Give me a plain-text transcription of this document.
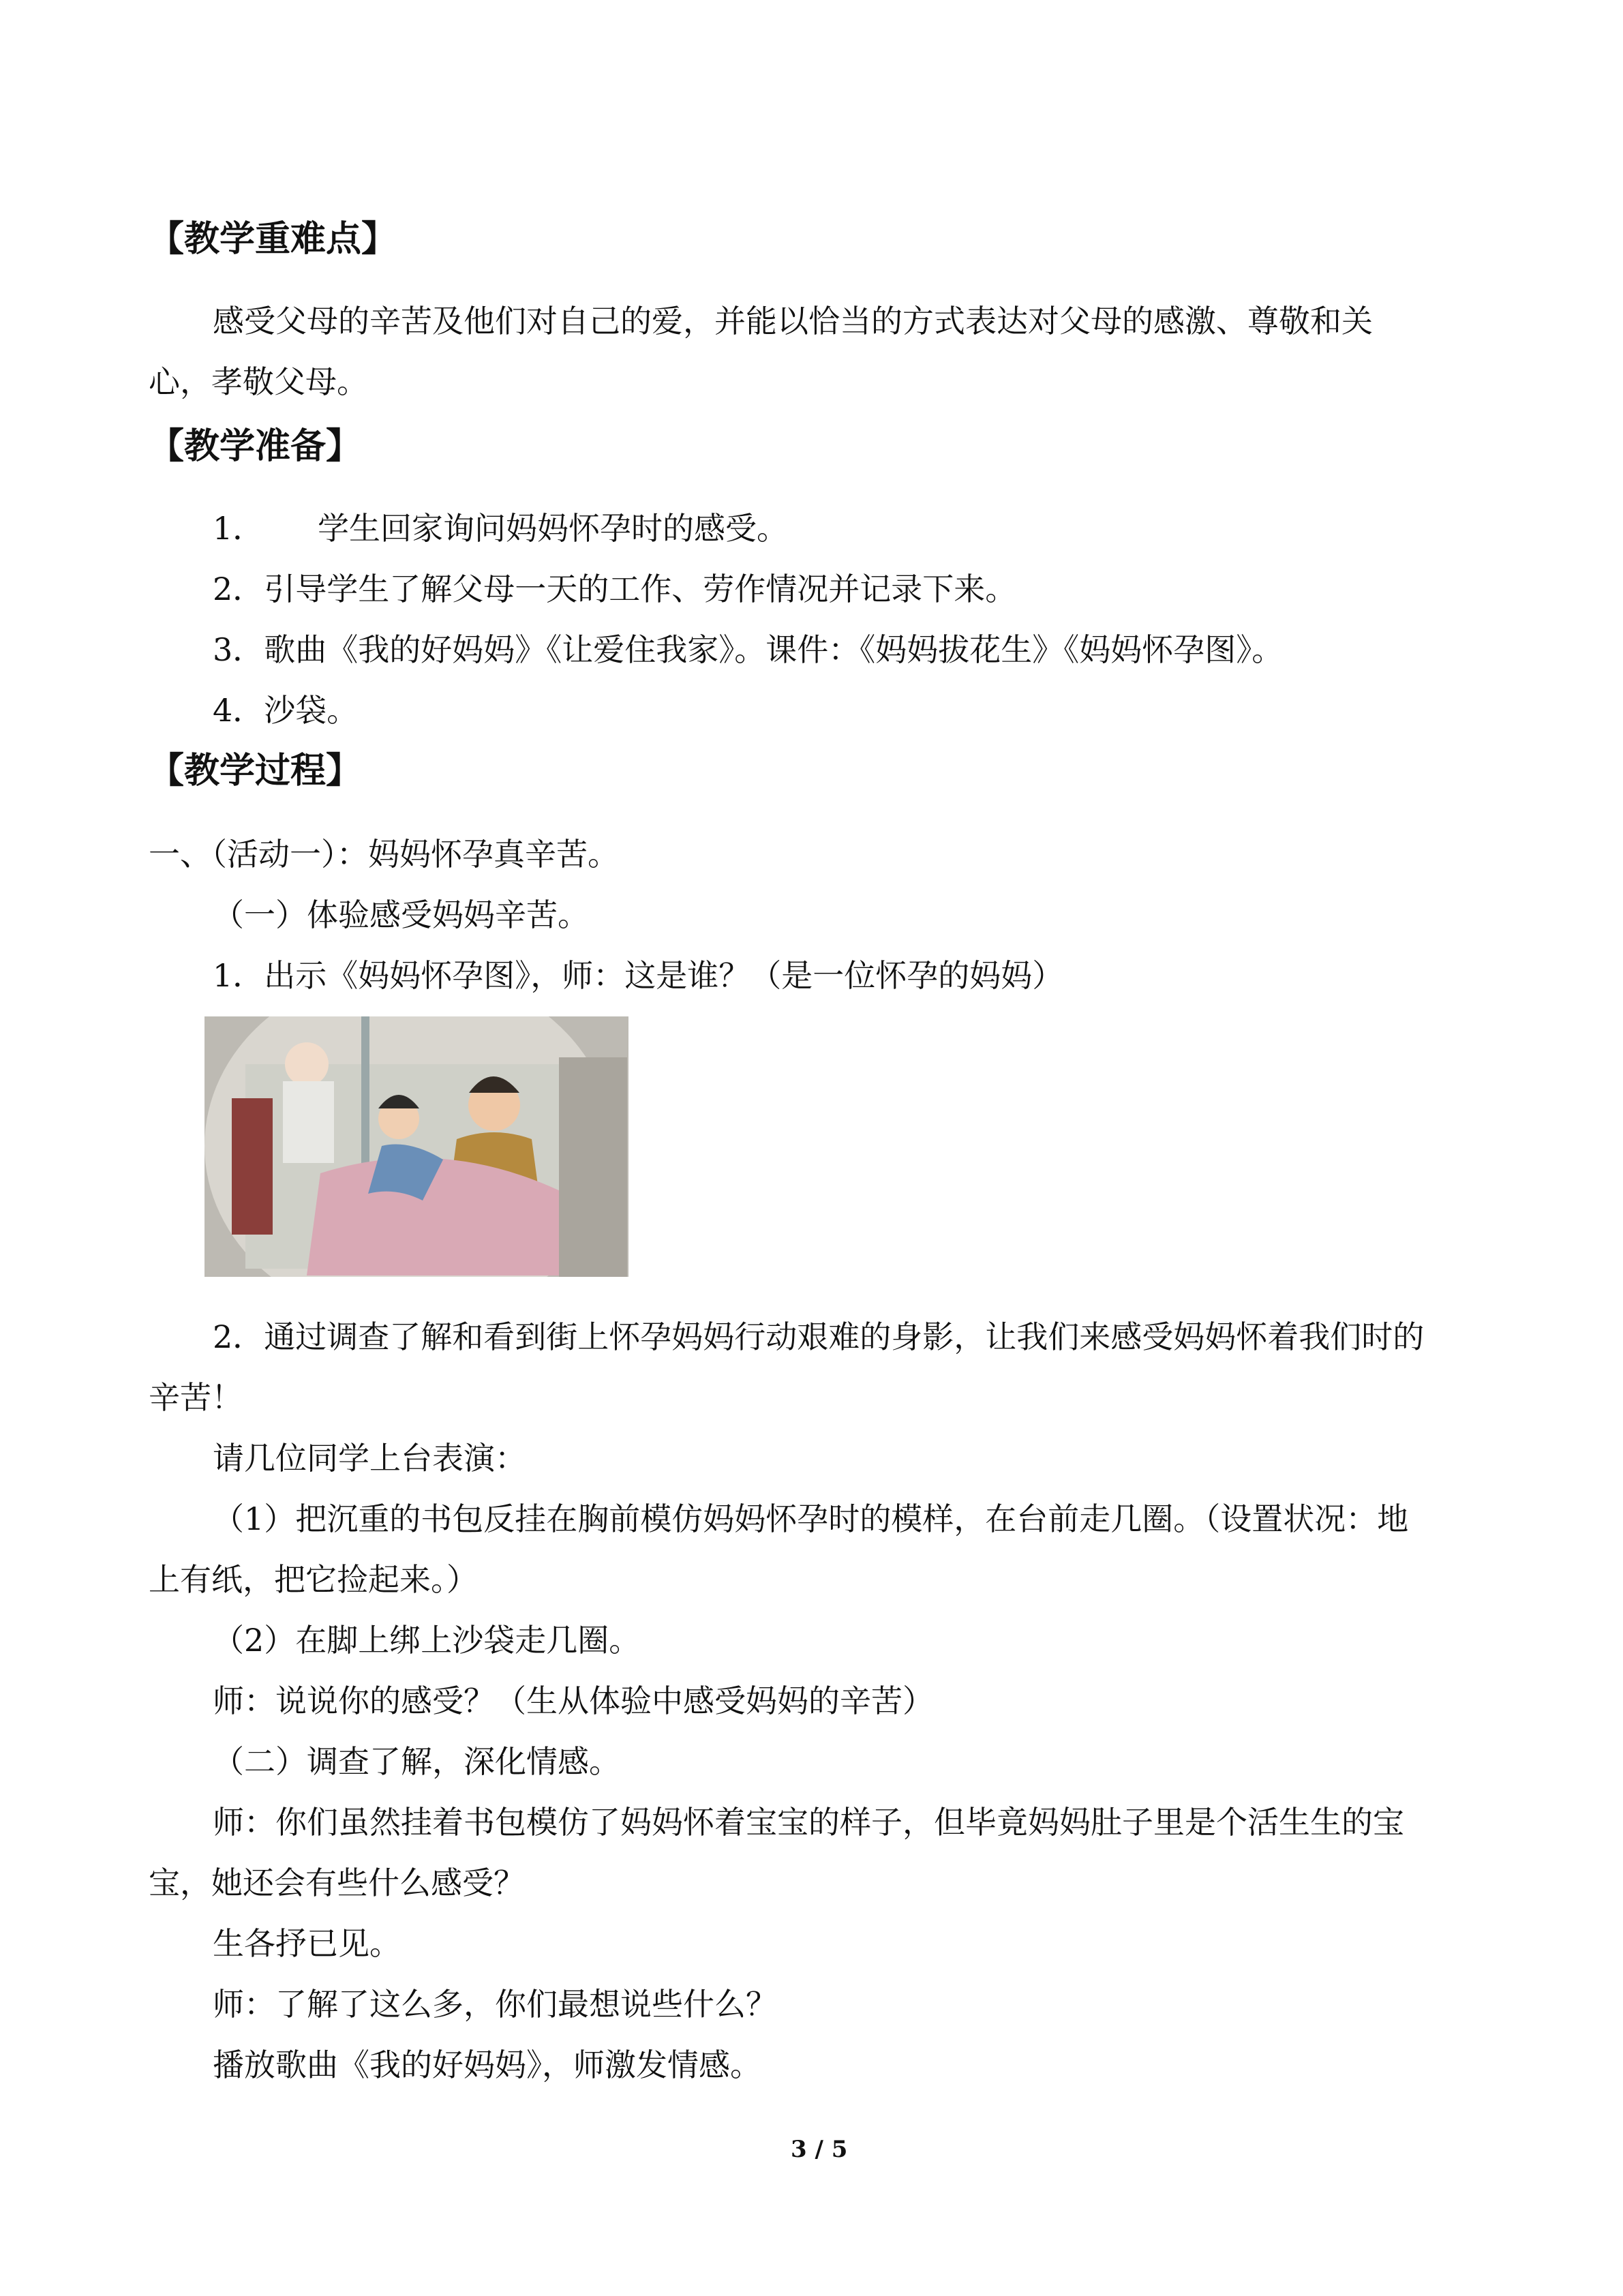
【教学重难点】
感受父母的辛苦及他们对自己的爱，并能以恰当的方式表达对父母的感激、尊敬和关
心，孝敬父母。
【教学准备】
1． 学生回家询问妈妈怀孕时的感受。
2．引导学生了解父母一天的工作、劳作情况并记录下来。
3．歌曲《我的好妈妈》《让爱住我家》。课件：《妈妈拔花生》《妈妈怀孕图》。
4．沙袋。
【教学过程】
一、（活动一）：妈妈怀孕真辛苦。
（一）体验感受妈妈辛苦。
1．出示《妈妈怀孕图》，师：这是谁？（是一位怀孕的妈妈）
2．通过调查了解和看到街上怀孕妈妈行动艰难的身影，让我们来感受妈妈怀着我们时的
辛苦！
请几位同学上台表演：
（1）把沉重的书包反挂在胸前模仿妈妈怀孕时的模样，在台前走几圈。（设置状况：地
上有纸，把它捡起来。）
（2）在脚上绑上沙袋走几圈。
师：说说你的感受？（生从体验中感受妈妈的辛苦）
（二）调查了解，深化情感。
师：你们虽然挂着书包模仿了妈妈怀着宝宝的样子，但毕竟妈妈肚子里是个活生生的宝
宝，她还会有些什么感受？
生各抒已见。
师：了解了这么多，你们最想说些什么？
播放歌曲《我的好妈妈》，师激发情感。
3 / 5
